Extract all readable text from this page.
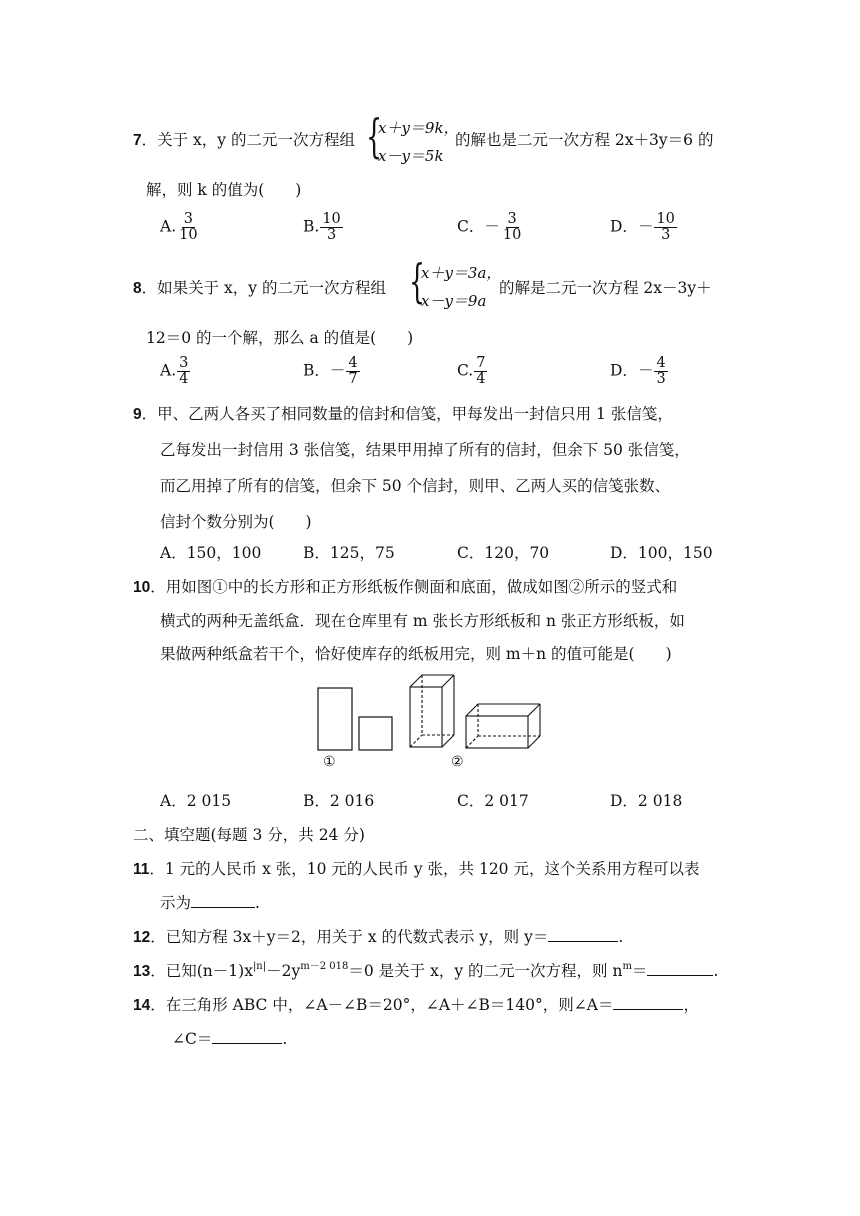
7．关于 x，y 的二元一次方程组 {
x＋y＝9k，
x－y＝5k
的解也是二元一次方程 2x＋3y＝6 的
解，则 k 的值为(　　)
A. $\frac{3}{10}$	B. $\frac{10}{3}$	C．－ $\frac{3}{10}$	D．－ $\frac{10}{3}$
8．如果关于 x，y 的二元一次方程组 {
x＋y＝3a，
x－y＝9a
的解是二元一次方程 2x－3y＋
12＝0 的一个解，那么 a 的值是(　　)
A. $\frac{3}{4}$	B．－ $\frac{4}{7}$	C. $\frac{7}{4}$	D．－ $\frac{4}{3}$
9．甲、乙两人各买了相同数量的信封和信笺，甲每发出一封信只用 1 张信笺，
乙每发出一封信用 3 张信笺，结果甲用掉了所有的信封，但余下 50 张信笺，
而乙用掉了所有的信笺，但余下 50 个信封，则甲、乙两人买的信笺张数、
信封个数分别为(　　)
A．150，100	B．125，75	C．120，70	D．100，150
10．用如图①中的长方形和正方形纸板作侧面和底面，做成如图②所示的竖式和
横式的两种无盖纸盒．现在仓库里有 m 张长方形纸板和 n 张正方形纸板，如
果做两种纸盒若干个，恰好使库存的纸板用完，则 m＋n 的值可能是(　　)
①	②
A．2 015	B．2 016	C．2 017	D．2 018
二、填空题(每题 3 分，共 24 分)
11．1 元的人民币 x 张，10 元的人民币 y 张，共 120 元，这个关系用方程可以表
示为	.
12．已知方程 3x＋y＝2，用关于 x 的代数式表示 y，则 y＝	.
13．已知$(n-1)x^{|n|}-2y^{m-2 018}=0$ 是关于 x，y 的二元一次方程，则 $n^m=$	.
14．在三角形 ABC 中，∠A－∠B＝20°，∠A＋∠B＝140°，则∠A＝	，
∠C＝	.
